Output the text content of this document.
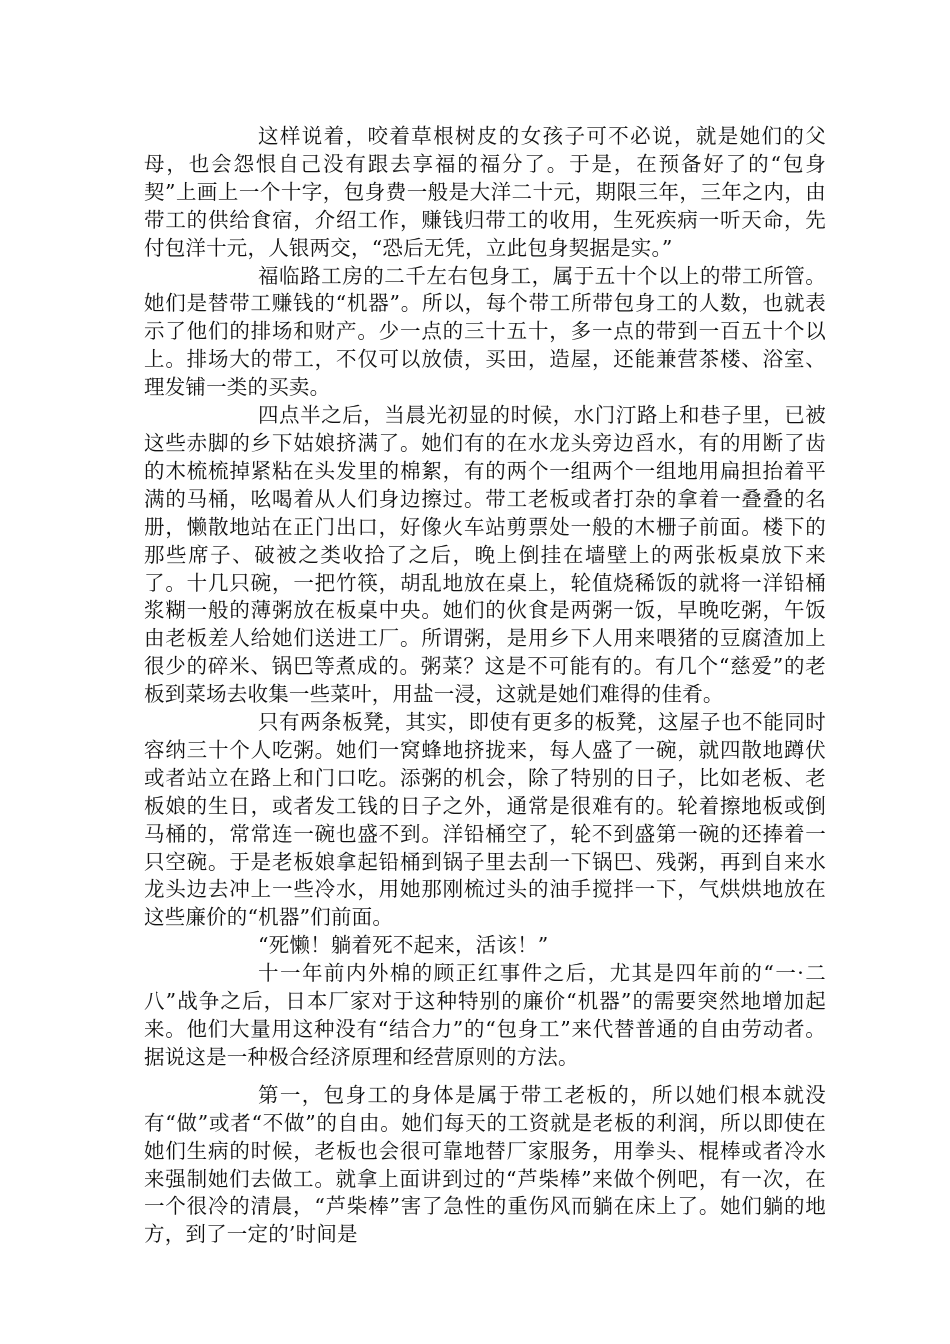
这样说着，咬着草根树皮的女孩子可不必说，就是她们的父母，也会怨恨自己没有跟去享福的福分了。于是，在预备好了的“包身契”上画上一个十字，包身费一般是大洋二十元，期限三年，三年之内，由带工的供给食宿，介绍工作，赚钱归带工的收用，生死疾病一听天命，先付包洋十元，人银两交，“恐后无凭，立此包身契据是实。”

福临路工房的二千左右包身工，属于五十个以上的带工所管。她们是替带工赚钱的“机器”。所以，每个带工所带包身工的人数，也就表示了他们的排场和财产。少一点的三十五十，多一点的带到一百五十个以上。排场大的带工，不仅可以放债，买田，造屋，还能兼营茶楼、浴室、理发铺一类的买卖。

四点半之后，当晨光初显的时候，水门汀路上和巷子里，已被这些赤脚的乡下姑娘挤满了。她们有的在水龙头旁边舀水，有的用断了齿的木梳梳掉紧粘在头发里的棉絮，有的两个一组两个一组地用扁担抬着平满的马桶，吆喝着从人们身边擦过。带工老板或者打杂的拿着一叠叠的名册，懒散地站在正门出口，好像火车站剪票处一般的木栅子前面。楼下的那些席子、破被之类收拾了之后，晚上倒挂在墙壁上的两张板桌放下来了。十几只碗，一把竹筷，胡乱地放在桌上，轮值烧稀饭的就将一洋铅桶浆糊一般的薄粥放在板桌中央。她们的伙食是两粥一饭，早晚吃粥，午饭由老板差人给她们送进工厂。所谓粥，是用乡下人用来喂猪的豆腐渣加上很少的碎米、锅巴等煮成的。粥菜？这是不可能有的。有几个“慈爱”的老板到菜场去收集一些菜叶，用盐一浸，这就是她们难得的佳肴。

只有两条板凳，其实，即使有更多的板凳，这屋子也不能同时容纳三十个人吃粥。她们一窝蜂地挤拢来，每人盛了一碗，就四散地蹲伏或者站立在路上和门口吃。添粥的机会，除了特别的日子，比如老板、老板娘的生日，或者发工钱的日子之外，通常是很难有的。轮着擦地板或倒马桶的，常常连一碗也盛不到。洋铅桶空了，轮不到盛第一碗的还捧着一只空碗。于是老板娘拿起铅桶到锅子里去刮一下锅巴、残粥，再到自来水龙头边去冲上一些冷水，用她那刚梳过头的油手搅拌一下，气烘烘地放在这些廉价的“机器”们前面。

“死懒！躺着死不起来，活该！”

十一年前内外棉的顾正红事件之后，尤其是四年前的“一·二八”战争之后，日本厂家对于这种特别的廉价“机器”的需要突然地增加起来。他们大量用这种没有“结合力”的“包身工”来代替普通的自由劳动者。据说这是一种极合经济原理和经营原则的方法。

第一，包身工的身体是属于带工老板的，所以她们根本就没有“做”或者“不做”的自由。她们每天的工资就是老板的利润，所以即使在她们生病的时候，老板也会很可靠地替厂家服务，用拳头、棍棒或者冷水来强制她们去做工。就拿上面讲到过的“芦柴棒”来做个例吧，有一次，在一个很冷的清晨，“芦柴棒”害了急性的重伤风而躺在床上了。她们躺的地方，到了一定的’时间是
